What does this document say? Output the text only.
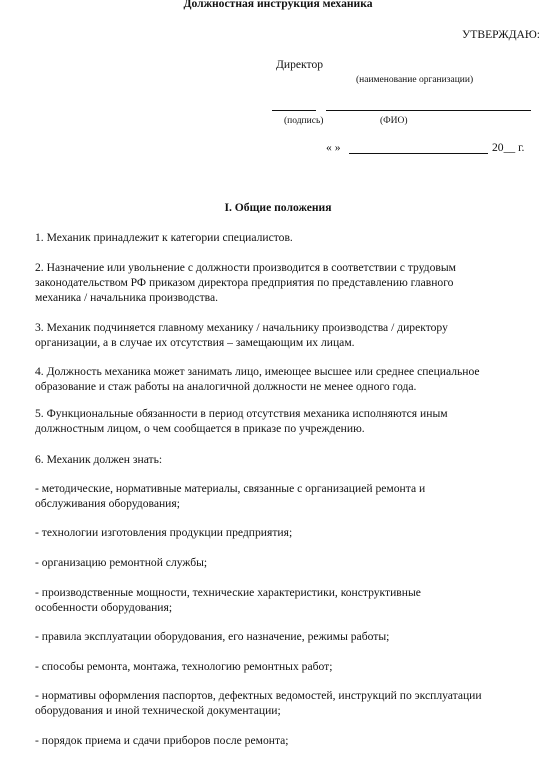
Должностная инструкция механика
УТВЕРЖДАЮ:
Директор
(наименование организации)
(подпись)	(ФИО)
« »	20__ г.
I. Общие положения
1. Механик принадлежит к категории специалистов.
2. Назначение или увольнение с должности производится в соответствии с трудовым
законодательством РФ приказом директора предприятия по представлению главного
механика / начальника производства.
3. Механик подчиняется главному механику / начальнику производства / директору
организации, а в случае их отсутствия – замещающим их лицам.
4. Должность механика может занимать лицо, имеющее высшее или среднее специальное
образование и стаж работы на аналогичной должности не менее одного года.
5. Функциональные обязанности в период отсутствия механика исполняются иным
должностным лицом, о чем сообщается в приказе по учреждению.
6. Механик должен знать:
- методические, нормативные материалы, связанные с организацией ремонта и
обслуживания оборудования;
- технологии изготовления продукции предприятия;
- организацию ремонтной службы;
- производственные мощности, технические характеристики, конструктивные
особенности оборудования;
- правила эксплуатации оборудования, его назначение, режимы работы;
- способы ремонта, монтажа, технологию ремонтных работ;
- нормативы оформления паспортов, дефектных ведомостей, инструкций по эксплуатации
оборудования и иной технической документации;
- порядок приема и сдачи приборов после ремонта;
